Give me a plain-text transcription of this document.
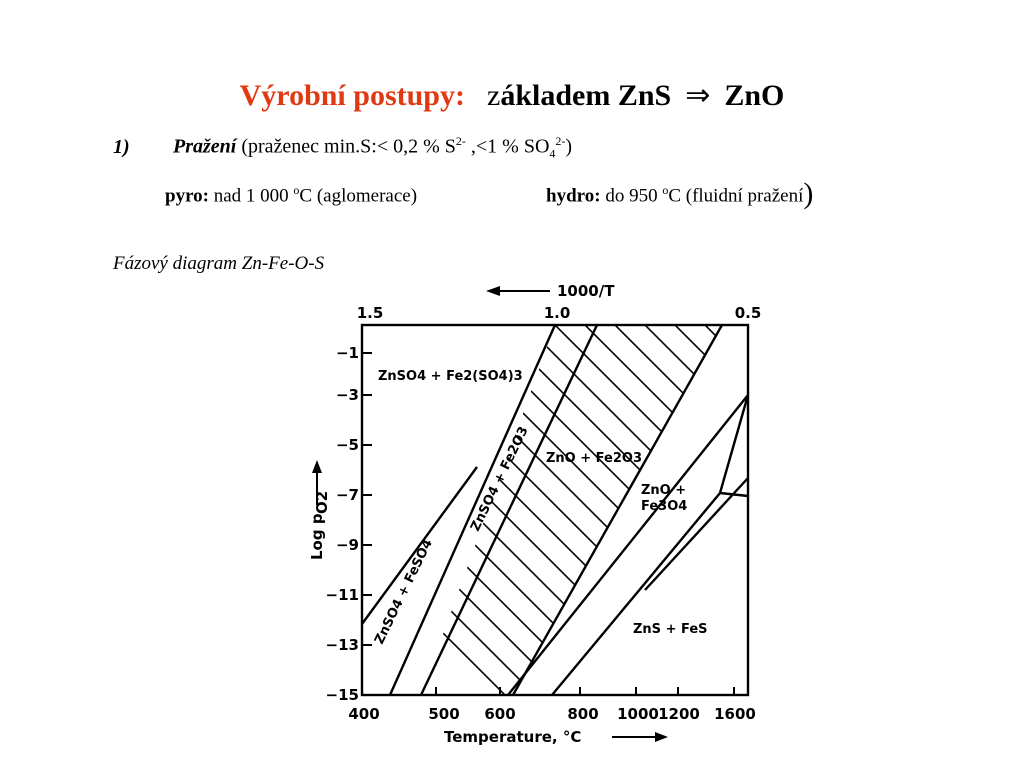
Výrobní postupy: základem ZnS ⇒ ZnO
1) Pražení (praženec min.S:< 0,2 % $S^{2-}$ ,<1 % $SO_4^{2-}$)
pyro: nad 1 000 $^o$C (aglomerace)	hydro: do 950 $^o$C (fluidní pražení)
Fázový diagram Zn-Fe-O-S
−1
−3
−5
−7
−9
−11
−13
−15
400	500 600	800 1000 1200 1600
1.5	1.0	0.5
1000/T
Log p
O2
Temperature, °C
ZnSO4 + Fe2(SO4)3
ZnSO4 + Fe2O3 ZnO + Fe2O3
ZnO +
Fe3O4
ZnSO4 + FeSO4	ZnS + FeS
